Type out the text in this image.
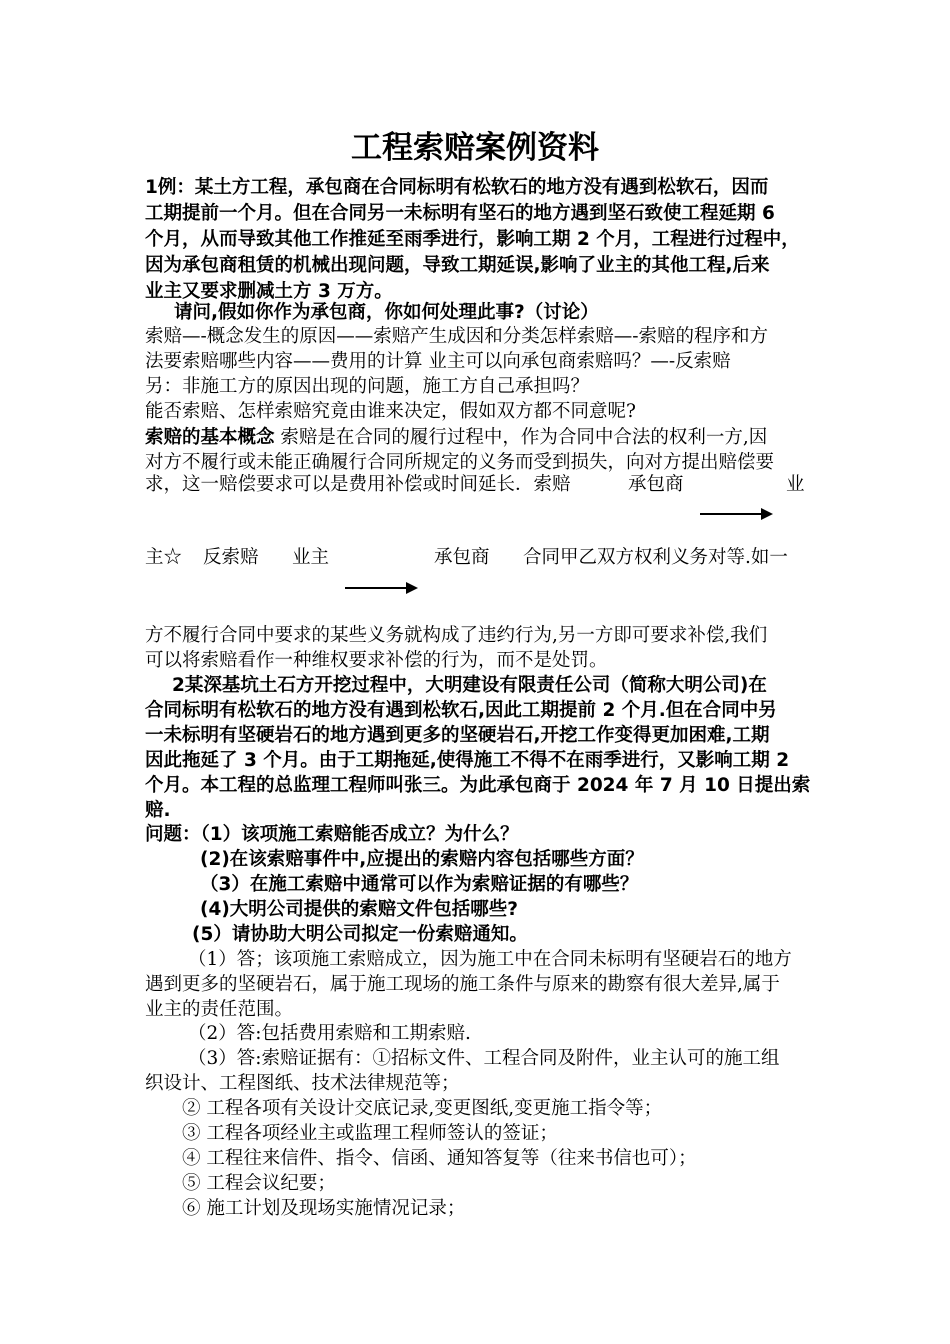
工程索赔案例资料
1例：某土方工程，承包商在合同标明有松软石的地方没有遇到松软石，因而
工期提前一个月。但在合同另一未标明有坚石的地方遇到坚石致使工程延期 6
个月，从而导致其他工作推延至雨季进行，影响工期 2 个月，工程进行过程中，
因为承包商租赁的机械出现问题，导致工期延误,影响了业主的其他工程,后来
业主又要求删减土方 3 万方。
请问,假如你作为承包商，你如何处理此事?（讨论）
索赔—-概念发生的原因——索赔产生成因和分类怎样索赔—-索赔的程序和方
法要索赔哪些内容——费用的计算 业主可以向承包商索赔吗？—-反索赔
另：非施工方的原因出现的问题，施工方自己承担吗？
能否索赔、怎样索赔究竟由谁来决定，假如双方都不同意呢?
索赔的基本概念 索赔是在合同的履行过程中，作为合同中合法的权利一方,因
对方不履行或未能正确履行合同所规定的义务而受到损失，向对方提出赔偿要
求，这一赔偿要求可以是费用补偿或时间延长．索赔	承包商	业
主☆ 反索赔 业主	承包商 合同甲乙双方权利义务对等.如一
方不履行合同中要求的某些义务就构成了违约行为,另一方即可要求补偿,我们
可以将索赔看作一种维权要求补偿的行为，而不是处罚。
2某深基坑土石方开挖过程中，大明建设有限责任公司（简称大明公司)在
合同标明有松软石的地方没有遇到松软石,因此工期提前 2 个月.但在合同中另
一未标明有坚硬岩石的地方遇到更多的坚硬岩石,开挖工作变得更加困难,工期
因此拖延了 3 个月。由于工期拖延,使得施工不得不在雨季进行，又影响工期 2
个月。本工程的总监理工程师叫张三。为此承包商于 2024 年 7 月 10 日提出索
赔.
问题：（1）该项施工索赔能否成立？为什么？
(2)在该索赔事件中,应提出的索赔内容包括哪些方面？
（3）在施工索赔中通常可以作为索赔证据的有哪些？
(4)大明公司提供的索赔文件包括哪些?
(5）请协助大明公司拟定一份索赔通知。
（1）答；该项施工索赔成立，因为施工中在合同未标明有坚硬岩石的地方
遇到更多的坚硬岩石，属于施工现场的施工条件与原来的勘察有很大差异,属于
业主的责任范围。
（2）答:包括费用索赔和工期索赔.
（3）答:索赔证据有：①招标文件、工程合同及附件，业主认可的施工组
织设计、工程图纸、技术法律规范等；
② 工程各项有关设计交底记录,变更图纸,变更施工指令等；
③ 工程各项经业主或监理工程师签认的签证；
④ 工程往来信件、指令、信函、通知答复等（往来书信也可）；
⑤ 工程会议纪要；
⑥ 施工计划及现场实施情况记录；
